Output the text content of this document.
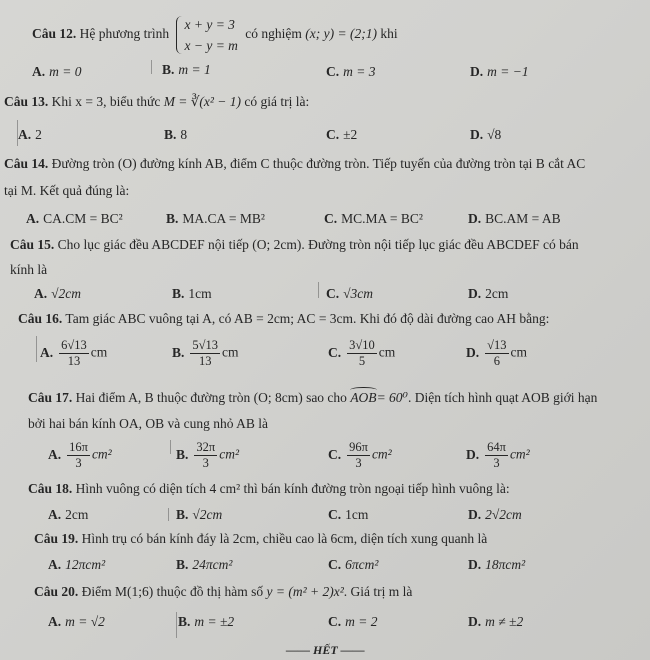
Câu 12. Hệ phương trình
x + y = 3
x − y = m
có nghiệm (x; y) = (2;1) khi
A. m = 0	B. m = 1	C. m = 3	D. m = −1
Câu 13. Khi x = 3, biểu thức M = ∛(x² − 1) có giá trị là:
A. 2	B. 8	C. ±2	D. √8
Câu 14. Đường tròn (O) đường kính AB, điểm C thuộc đường tròn. Tiếp tuyến của đường tròn tại B cắt AC
tại M. Kết quả đúng là:
A. CA.CM = BC²	B. MA.CA = MB²	C. MC.MA = BC²	D. BC.AM = AB
Câu 15. Cho lục giác đều ABCDEF nội tiếp (O; 2cm). Đường tròn nội tiếp lục giác đều ABCDEF có bán
kính là
A. √2cm	B. 1cm	C. √3cm	D. 2cm
Câu 16. Tam giác ABC vuông tại A, có AB = 2cm; AC = 3cm. Khi đó độ dài đường cao AH bằng:
A. $\frac{6√13}{13}$ cm	B. $\frac{5√13}{13}$ cm	C. $\frac{3√10}{5}$ cm	D. $\frac{√13}{6}$ cm
Câu 17. Hai điểm A, B thuộc đường tròn (O; 8cm) sao cho AOB= 60⁰. Diện tích hình quạt AOB giới hạn
bởi hai bán kính OA, OB và cung nhỏ AB là
A. $\frac{16\pi}{3} cm^2$	B. $\frac{32\pi}{3} cm^2$	C. $\frac{96\pi}{3} cm^2$	D. $\frac{64\pi}{3} cm^2$
Câu 18. Hình vuông có diện tích 4 cm² thì bán kính đường tròn ngoại tiếp hình vuông là:
A. 2cm	B. √2cm	C. 1cm	D. 2√2cm
Câu 19. Hình trụ có bán kính đáy là 2cm, chiều cao là 6cm, diện tích xung quanh là
A. 12πcm²	B. 24πcm²	C. 6πcm²	D. 18πcm²
Câu 20. Điểm M(1;6) thuộc đồ thị hàm số y = (m² + 2)x². Giá trị m là
A. m = √2	B. m = ±2	C. m = 2	D. m ≠ ±2
—— HẾT ——
